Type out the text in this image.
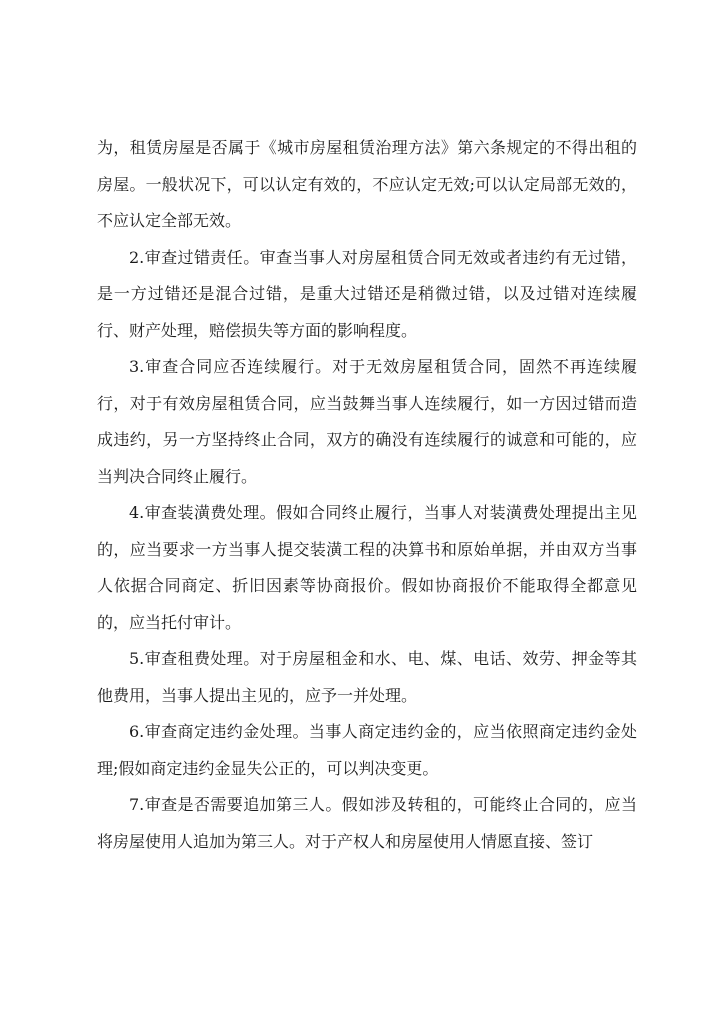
为，租赁房屋是否属于《城市房屋租赁治理方法》第六条规定的不得出租的房屋。一般状况下，可以认定有效的，不应认定无效;可以认定局部无效的，不应认定全部无效。

2.审查过错责任。审查当事人对房屋租赁合同无效或者违约有无过错，是一方过错还是混合过错，是重大过错还是稍微过错，以及过错对连续履行、财产处理，赔偿损失等方面的影响程度。

3.审查合同应否连续履行。对于无效房屋租赁合同，固然不再连续履行，对于有效房屋租赁合同，应当鼓舞当事人连续履行，如一方因过错而造成违约，另一方坚持终止合同，双方的确没有连续履行的诚意和可能的，应当判决合同终止履行。

4.审查装潢费处理。假如合同终止履行，当事人对装潢费处理提出主见的，应当要求一方当事人提交装潢工程的决算书和原始单据，并由双方当事人依据合同商定、折旧因素等协商报价。假如协商报价不能取得全都意见的，应当托付审计。

5.审查租费处理。对于房屋租金和水、电、煤、电话、效劳、押金等其他费用，当事人提出主见的，应予一并处理。

6.审查商定违约金处理。当事人商定违约金的，应当依照商定违约金处理;假如商定违约金显失公正的，可以判决变更。

7.审查是否需要追加第三人。假如涉及转租的，可能终止合同的，应当将房屋使用人追加为第三人。对于产权人和房屋使用人情愿直接、签订
